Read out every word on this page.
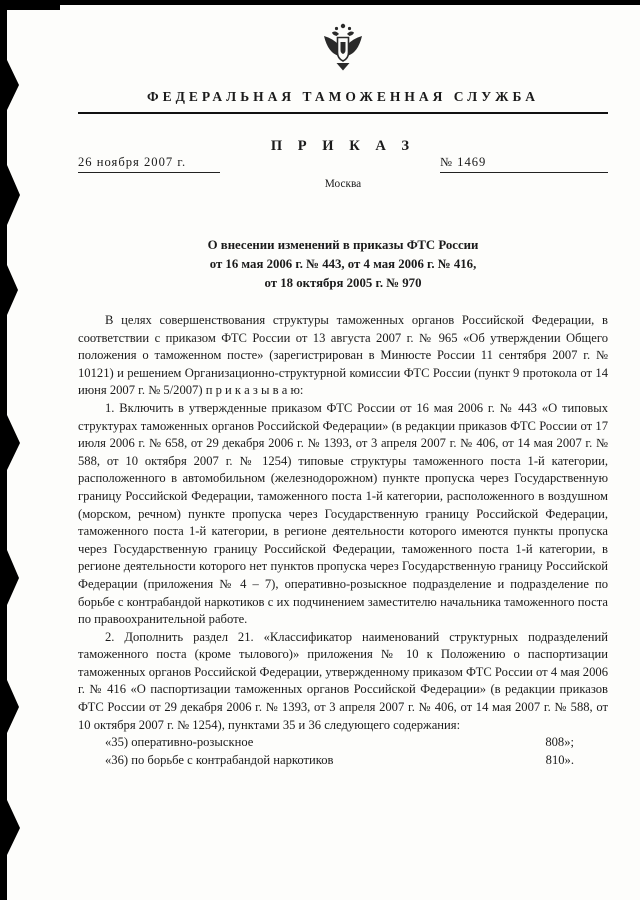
ФЕДЕРАЛЬНАЯ ТАМОЖЕННАЯ СЛУЖБА
П Р И К А З
26 ноября 2007 г.	№ 1469
Москва
О внесении изменений в приказы ФТС России
от 16 мая 2006 г. № 443, от 4 мая 2006 г. № 416,
от 18 октября 2005 г. № 970

В целях совершенствования структуры таможенных органов Российской Федерации, в соответствии с приказом ФТС России от 13 августа 2007 г. № 965 «Об утверждении Общего положения о таможенном посте» (зарегистрирован в Минюсте России 11 сентября 2007 г. № 10121) и решением Организационно-структурной комиссии ФТС России (пункт 9 протокола от 14 июня 2007 г. № 5/2007) п р и к а з ы в а ю:

1. Включить в утвержденные приказом ФТС России от 16 мая 2006 г. № 443 «О типовых структурах таможенных органов Российской Федерации» (в редакции приказов ФТС России от 17 июля 2006 г. № 658, от 29 декабря 2006 г. № 1393, от 3 апреля 2007 г. № 406, от 14 мая 2007 г. № 588, от 10 октября 2007 г. № 1254) типовые структуры таможенного поста 1-й категории, расположенного в автомобильном (железнодорожном) пункте пропуска через Государственную границу Российской Федерации, таможенного поста 1-й категории, расположенного в воздушном (морском, речном) пункте пропуска через Государственную границу Российской Федерации, таможенного поста 1-й категории, в регионе деятельности которого имеются пункты пропуска через Государственную границу Российской Федерации, таможенного поста 1-й категории, в регионе деятельности которого нет пунктов пропуска через Государственную границу Российской Федерации (приложения № 4 – 7), оперативно-розыскное подразделение и подразделение по борьбе с контрабандой наркотиков с их подчинением заместителю начальника таможенного поста по правоохранительной работе.

2. Дополнить раздел 21. «Классификатор наименований структурных подразделений таможенного поста (кроме тылового)» приложения № 10 к Положению о паспортизации таможенных органов Российской Федерации, утвержденному приказом ФТС России от 4 мая 2006 г. № 416 «О паспортизации таможенных органов Российской Федерации» (в редакции приказов ФТС России от 29 декабря 2006 г. № 1393, от 3 апреля 2007 г. № 406, от 14 мая 2007 г. № 588, от 10 октября 2007 г. № 1254), пунктами 35 и 36 следующего содержания:

«35) оперативно-розыскное	808»;
«36) по борьбе с контрабандой наркотиков	810».
